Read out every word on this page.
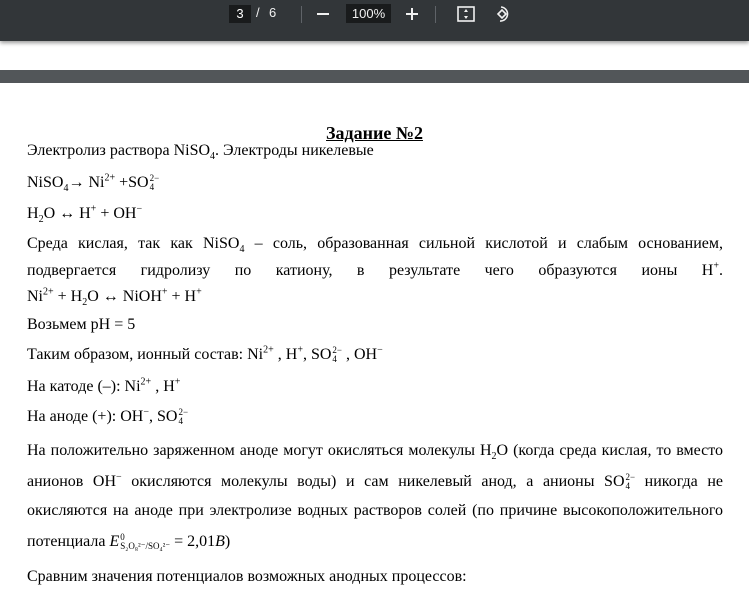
3 / 6	100%
Задание №2
Электролиз раствора NiSO$_4$. Электроды никелевые
NiSO$_4$→ $Ni^{2+} +SO$ 2−
4
$H_2O$ ↔ H+ + OH−
Среда кислая, так как NiSO$_4$ – соль, образованная сильной кислотой и слабым основанием,
подвергается гидролизу по катиону, в результате чего образуются ионы H+.
$Ni^{2+} + H_2O$ ↔ NiOH+ + H+
Возьмем pH = 5
Таким образом, ионный состав: $Ni^{2+}$ , H+, SO 2−
4 , OH−
На катоде (–): $Ni^{2+}$ , H+
На аноде (+): OH−, SO 2−
4
На положительно заряженном аноде могут окисляться молекулы $H_2O$ (когда среда кислая, то вместо
анионов OH− окисляются молекулы воды) и сам никелевый анод, а анионы SO 2−
4 никогда не
окисляются на аноде при электролизе водных растворов солей (по причине высокоположительного
потенциала E 0
S₂O₈²⁻/SO₄²⁻ = 2,01B)
Сравним значения потенциалов возможных анодных процессов:
